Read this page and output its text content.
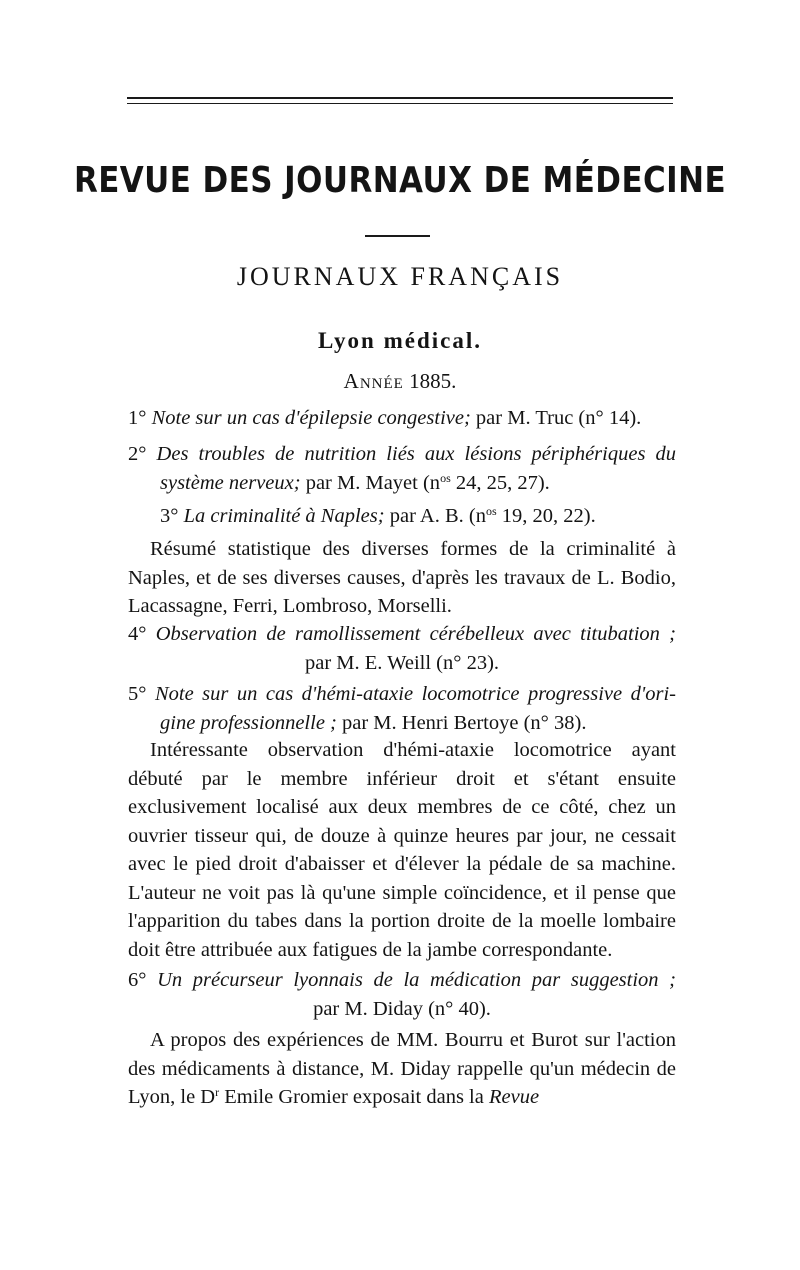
REVUE DES JOURNAUX DE MÉDECINE
JOURNAUX FRANÇAIS
Lyon médical.
Année 1885.
1° Note sur un cas d'épilepsie congestive; par M. Truc (n° 14).
2° Des troubles de nutrition liés aux lésions périphériques du
système nerveux; par M. Mayet ($n^{os}$ 24, 25, 27).
3° La criminalité à Naples; par A. B. ($n^{os}$ 19, 20, 22).
Résumé statistique des diverses formes de la criminalité à Naples, et de ses diverses causes, d'après les travaux de L. Bodio, Lacassagne, Ferri, Lombroso, Morselli.
4° Observation de ramollissement cérébelleux avec titubation ;
par M. E. Weill (n° 23).
5° Note sur un cas d'hémi-ataxie locomotrice progressive d'ori-
gine professionnelle ; par M. Henri Bertoye (n° 38).
Intéressante observation d'hémi-ataxie locomotrice ayant débuté par le membre inférieur droit et s'étant ensuite exclusivement localisé aux deux membres de ce côté, chez un ouvrier tisseur qui, de douze à quinze heures par jour, ne cessait avec le pied droit d'abaisser et d'élever la pédale de sa machine. L'auteur ne voit pas là qu'une simple coïncidence, et il pense que l'apparition du tabes dans la portion droite de la moelle lombaire doit être attribuée aux fatigues de la jambe correspondante.
6° Un précurseur lyonnais de la médication par suggestion ;
par M. Diday (n° 40).
A propos des expériences de MM. Bourru et Burot sur l'action des médicaments à distance, M. Diday rappelle qu'un médecin de Lyon, le $D^r$ Emile Gromier exposait dans la Revue
